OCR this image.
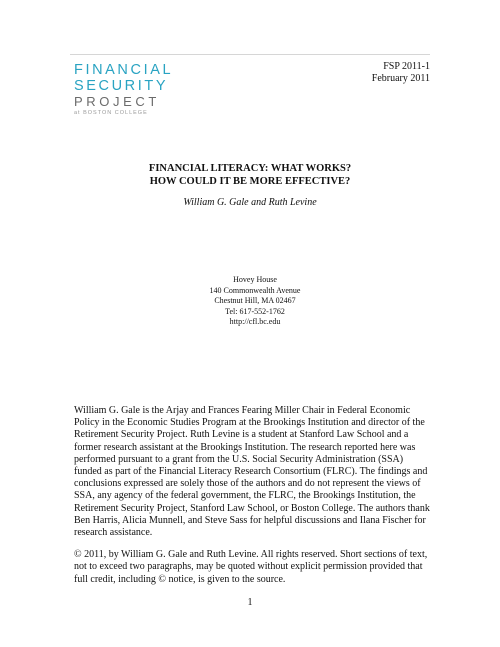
FINANCIAL
SECURITY
PROJECT
at BOSTON COLLEGE
FSP 2011-1
February 2011
FINANCIAL LITERACY: WHAT WORKS?
HOW COULD IT BE MORE EFFECTIVE?
William G. Gale and Ruth Levine
Hovey House
140 Commonwealth Avenue
Chestnut Hill, MA 02467
Tel: 617-552-1762
http://cfl.bc.edu

William G. Gale is the Arjay and Frances Fearing Miller Chair in Federal Economic Policy in the Economic Studies Program at the Brookings Institution and director of the Retirement Security Project. Ruth Levine is a student at Stanford Law School and a former research assistant at the Brookings Institution. The research reported here was performed pursuant to a grant from the U.S. Social Security Administration (SSA) funded as part of the Financial Literacy Research Consortium (FLRC). The findings and conclusions expressed are solely those of the authors and do not represent the views of SSA, any agency of the federal government, the FLRC, the Brookings Institution, the Retirement Security Project, Stanford Law School, or Boston College. The authors thank Ben Harris, Alicia Munnell, and Steve Sass for helpful discussions and Ilana Fischer for research assistance.

© 2011, by William G. Gale and Ruth Levine. All rights reserved. Short sections of text, not to exceed two paragraphs, may be quoted without explicit permission provided that full credit, including © notice, is given to the source.

1
